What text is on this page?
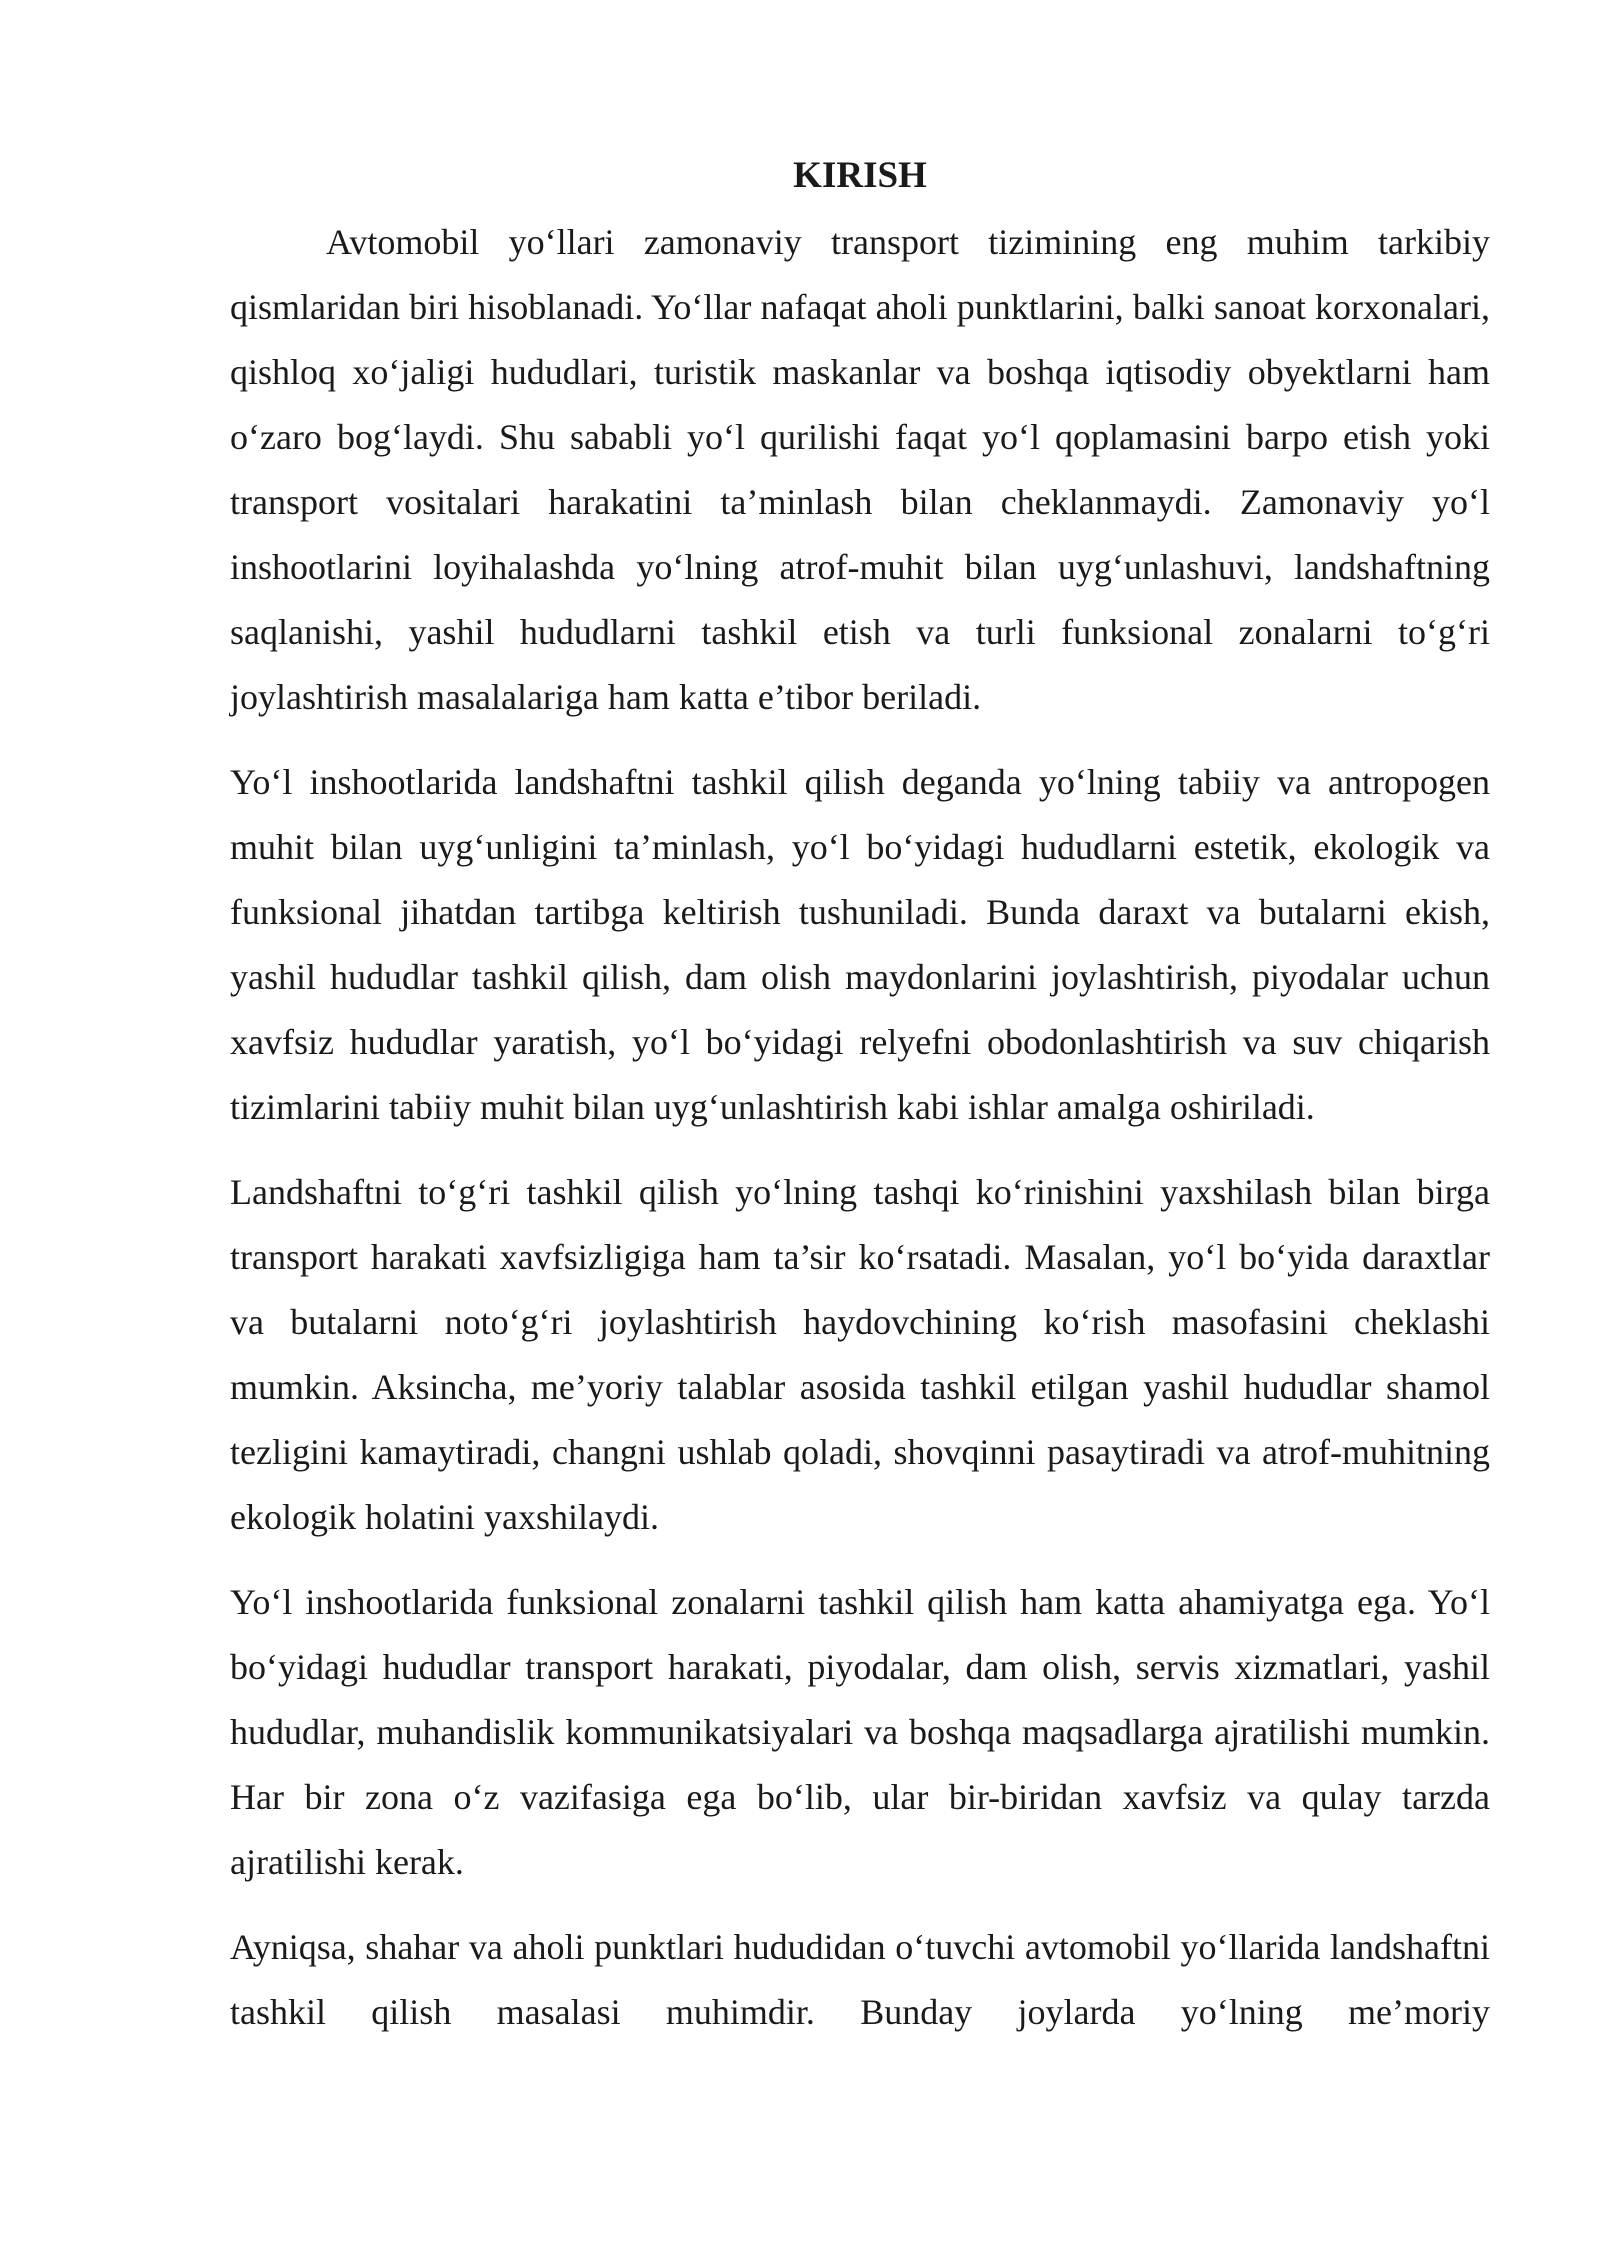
KIRISH

Avtomobil yo‘llari zamonaviy transport tizimining eng muhim tarkibiy qismlaridan biri hisoblanadi. Yo‘llar nafaqat aholi punktlarini, balki sanoat korxonalari, qishloq xo‘jaligi hududlari, turistik maskanlar va boshqa iqtisodiy obyektlarni ham o‘zaro bog‘laydi. Shu sababli yo‘l qurilishi faqat yo‘l qoplamasini barpo etish yoki transport vositalari harakatini ta’minlash bilan cheklanmaydi. Zamonaviy yo‘l inshootlarini loyihalashda yo‘lning atrof-muhit bilan uyg‘unlashuvi, landshaftning saqlanishi, yashil hududlarni tashkil etish va turli funksional zonalarni to‘g‘ri joylashtirish masalalariga ham katta e’tibor beriladi.

Yo‘l inshootlarida landshaftni tashkil qilish deganda yo‘lning tabiiy va antropogen muhit bilan uyg‘unligini ta’minlash, yo‘l bo‘yidagi hududlarni estetik, ekologik va funksional jihatdan tartibga keltirish tushuniladi. Bunda daraxt va butalarni ekish, yashil hududlar tashkil qilish, dam olish maydonlarini joylashtirish, piyodalar uchun xavfsiz hududlar yaratish, yo‘l bo‘yidagi relyefni obodonlashtirish va suv chiqarish tizimlarini tabiiy muhit bilan uyg‘unlashtirish kabi ishlar amalga oshiriladi.

Landshaftni to‘g‘ri tashkil qilish yo‘lning tashqi ko‘rinishini yaxshilash bilan birga transport harakati xavfsizligiga ham ta’sir ko‘rsatadi. Masalan, yo‘l bo‘yida daraxtlar va butalarni noto‘g‘ri joylashtirish haydovchining ko‘rish masofasini cheklashi mumkin. Aksincha, me’yoriy talablar asosida tashkil etilgan yashil hududlar shamol tezligini kamaytiradi, changni ushlab qoladi, shovqinni pasaytiradi va atrof-muhitning ekologik holatini yaxshilaydi.

Yo‘l inshootlarida funksional zonalarni tashkil qilish ham katta ahamiyatga ega. Yo‘l bo‘yidagi hududlar transport harakati, piyodalar, dam olish, servis xizmatlari, yashil hududlar, muhandislik kommunikatsiyalari va boshqa maqsadlarga ajratilishi mumkin. Har bir zona o‘z vazifasiga ega bo‘lib, ular bir-biridan xavfsiz va qulay tarzda ajratilishi kerak.

Ayniqsa, shahar va aholi punktlari hududidan o‘tuvchi avtomobil yo‘llarida landshaftni tashkil qilish masalasi muhimdir. Bunday joylarda yo‘lning me’moriy
